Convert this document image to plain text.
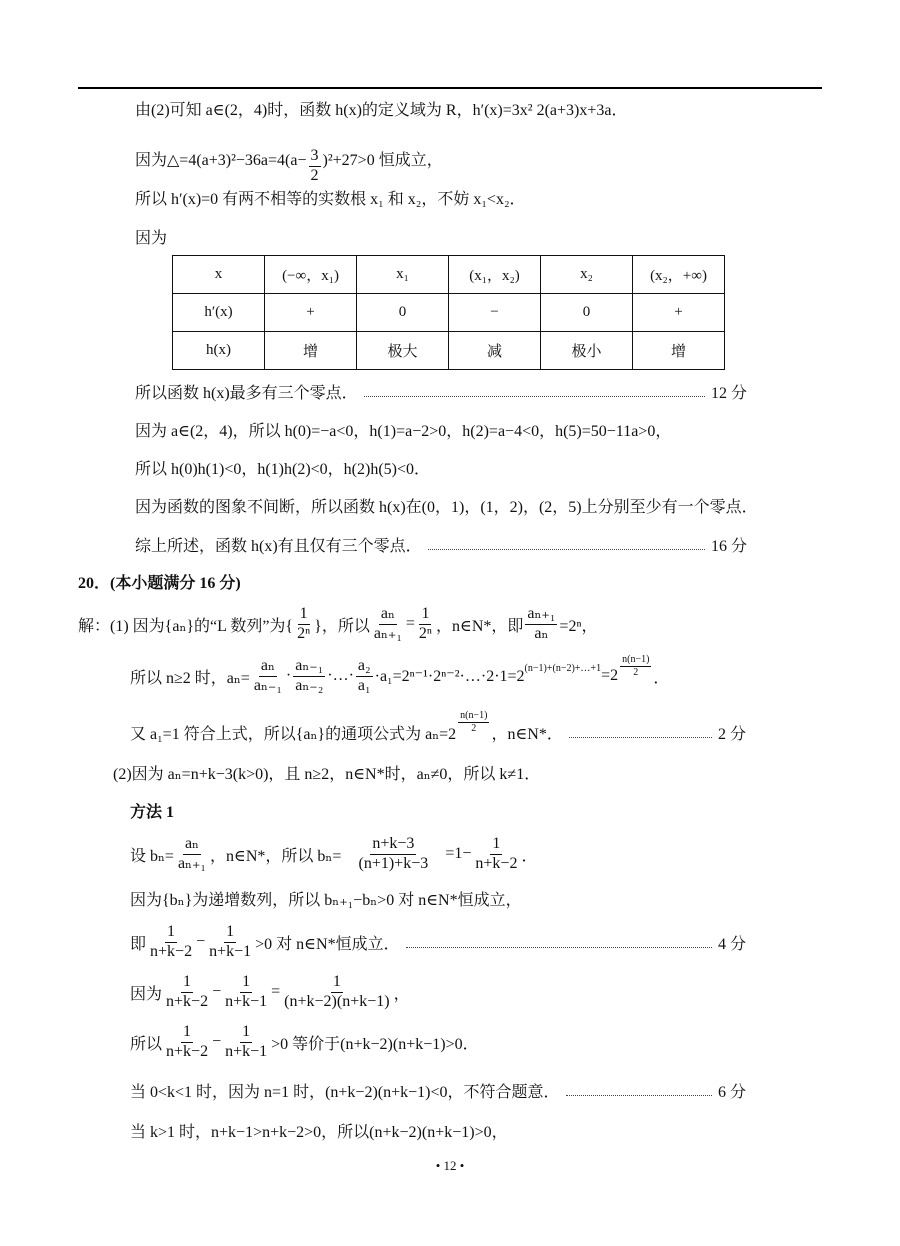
由(2)可知 a∈(2，4)时，函数 h(x)的定义域为 R，h′(x)=3x² 2(a+3)x+3a．
因为△=4(a+3)²−36a=4(a− $\frac{3}{2} )^2+27>0$ 恒成立，
所以 h′(x)=0 有两不相等的实数根 x₁ 和 x₂，不妨 x₁<x₂．
因为
x	(−∞，x₁)	x₁	(x₁，x₂)	x₂	(x₂，+∞)
h′(x)	+	0	−	0	+
h(x)	增	极大	减	极小	增
所以函数 h(x)最多有三个零点．	12 分
因为 a∈(2，4)，所以 h(0)=−a<0，h(1)=a−2>0，h(2)=a−4<0，h(5)=50−11a>0，
所以 h(0)h(1)<0，h(1)h(2)<0，h(2)h(5)<0．
因为函数的图象不间断，所以函数 h(x)在(0，1)，(1，2)，(2，5)上分别至少有一个零点．
综上所述，函数 h(x)有且仅有三个零点．	16 分
20．(本小题满分 16 分)
解：(1) 因为{aₙ}的“L 数列”为{ $\frac{1}{\text{2ⁿ}}$ }，所以 $\frac{\text{aₙ}}{\text{aₙ₊₁}} = \frac{1}{\text{2ⁿ}}$ ，n∈N*，即 $\frac{\text{aₙ₊₁}}{\text{aₙ}} =2^n$，
所以 n≥2 时，$a_n= \frac{\text{aₙ}}{\text{aₙ₋₁}} \cdot \frac{\text{aₙ₋₁}}{\text{aₙ₋₂}}$ ·…· $\frac{\text{a₂}}{\text{a₁}}$ ·a₁=2ⁿ⁻¹·2ⁿ⁻²·…·2·1=2 (n−1)+(n−2)+…+1 $=2 \frac{n(n-1)}{2}$ ．
又 a₁=1 符合上式，所以{aₙ}的通项公式为 $a_n=2 \frac{n(n-1)}{2}$ ，n∈N*．	2 分
(2)因为 aₙ=n+k−3(k>0)，且 n≥2，n∈N*时，aₙ≠0，所以 k≠1．
方法 1
设 $b_n= \frac{\text{aₙ}}{\text{aₙ₊₁}}$ ，n∈N*，所以 $b_n= \frac{n+k-3}{(n+1)+k-3} =1- \frac{1}{n+k-2}$ ．
因为{bₙ}为递增数列，所以 bₙ₊₁−bₙ>0 对 n∈N*恒成立，
即 $\frac{1}{n+k-2} - \frac{1}{n+k-1} >0$ 对 n∈N*恒成立．	4 分
因为 $\frac{1}{n+k-2} - \frac{1}{n+k-1} = \frac{1}{(n+k-2)(n+k-1)}$ ，
所以 $\frac{1}{n+k-2} - \frac{1}{n+k-1} >0$ 等价于(n+k−2)(n+k−1)>0．
当 0<k<1 时，因为 n=1 时，(n+k−2)(n+k−1)<0，不符合题意．	6 分
当 k>1 时，n+k−1>n+k−2>0，所以(n+k−2)(n+k−1)>0，
• 12 •
